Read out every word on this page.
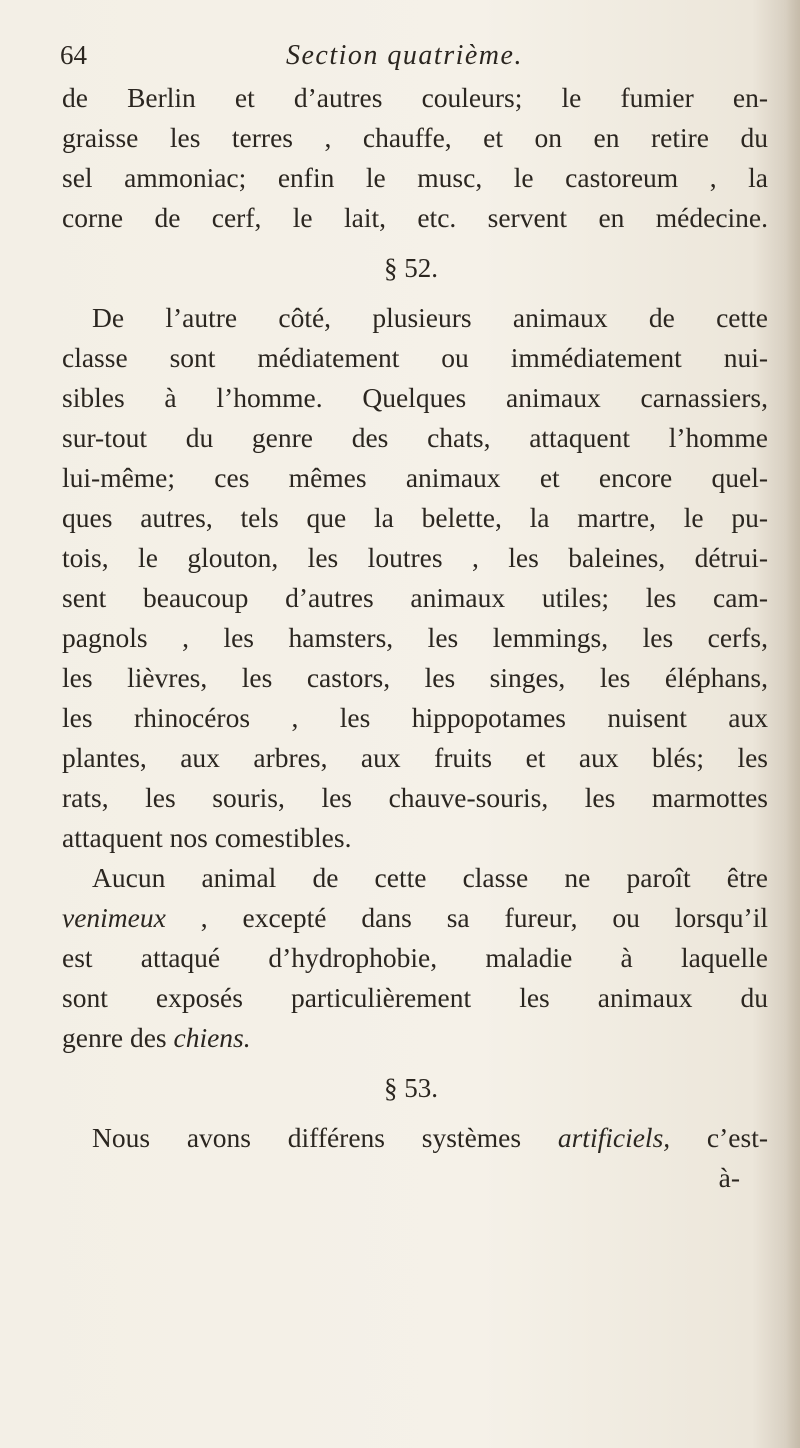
64	Section quatrième.
de Berlin et d’autres couleurs; le fumier en-
graisse les terres , chauffe, et on en retire du
sel ammoniac; enfin le musc, le castoreum , la
corne de cerf, le lait, etc. servent en médecine.
§ 52.
De l’autre côté, plusieurs animaux de cette
classe sont médiatement ou immédiatement nui-
sibles à l’homme. Quelques animaux carnassiers,
sur-tout du genre des chats, attaquent l’homme
lui-même; ces mêmes animaux et encore quel-
ques autres, tels que la belette, la martre, le pu-
tois, le glouton, les loutres , les baleines, détrui-
sent beaucoup d’autres animaux utiles; les cam-
pagnols , les hamsters, les lemmings, les cerfs,
les lièvres, les castors, les singes, les éléphans,
les rhinocéros , les hippopotames nuisent aux
plantes, aux arbres, aux fruits et aux blés; les
rats, les souris, les chauve-souris, les marmottes
attaquent nos comestibles.
Aucun animal de cette classe ne paroît être
venimeux , excepté dans sa fureur, ou lorsqu’il
est attaqué d’hydrophobie, maladie à laquelle
sont exposés particulièrement les animaux du
genre des chiens.
§ 53.
Nous avons différens systèmes artificiels, c’est-
à-
